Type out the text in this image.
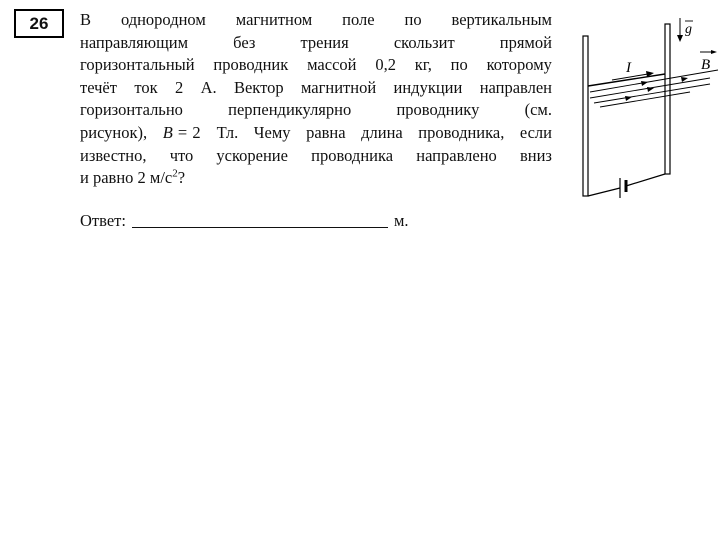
26 В однородном магнитном поле по вертикальным
направляющим	без	трения	скользит	прямой
горизонтальный проводник массой 0,2 кг, по которому
течёт ток 2 А. Вектор магнитной индукции направлен
горизонтально	перпендикулярно	проводнику	(см.
рисунок), B = 2 Тл. Чему равна длина проводника, если
известно, что ускорение проводника направлено вниз
и равно 2 $м/с^2$?
Ответ:	м.
I	B
g
